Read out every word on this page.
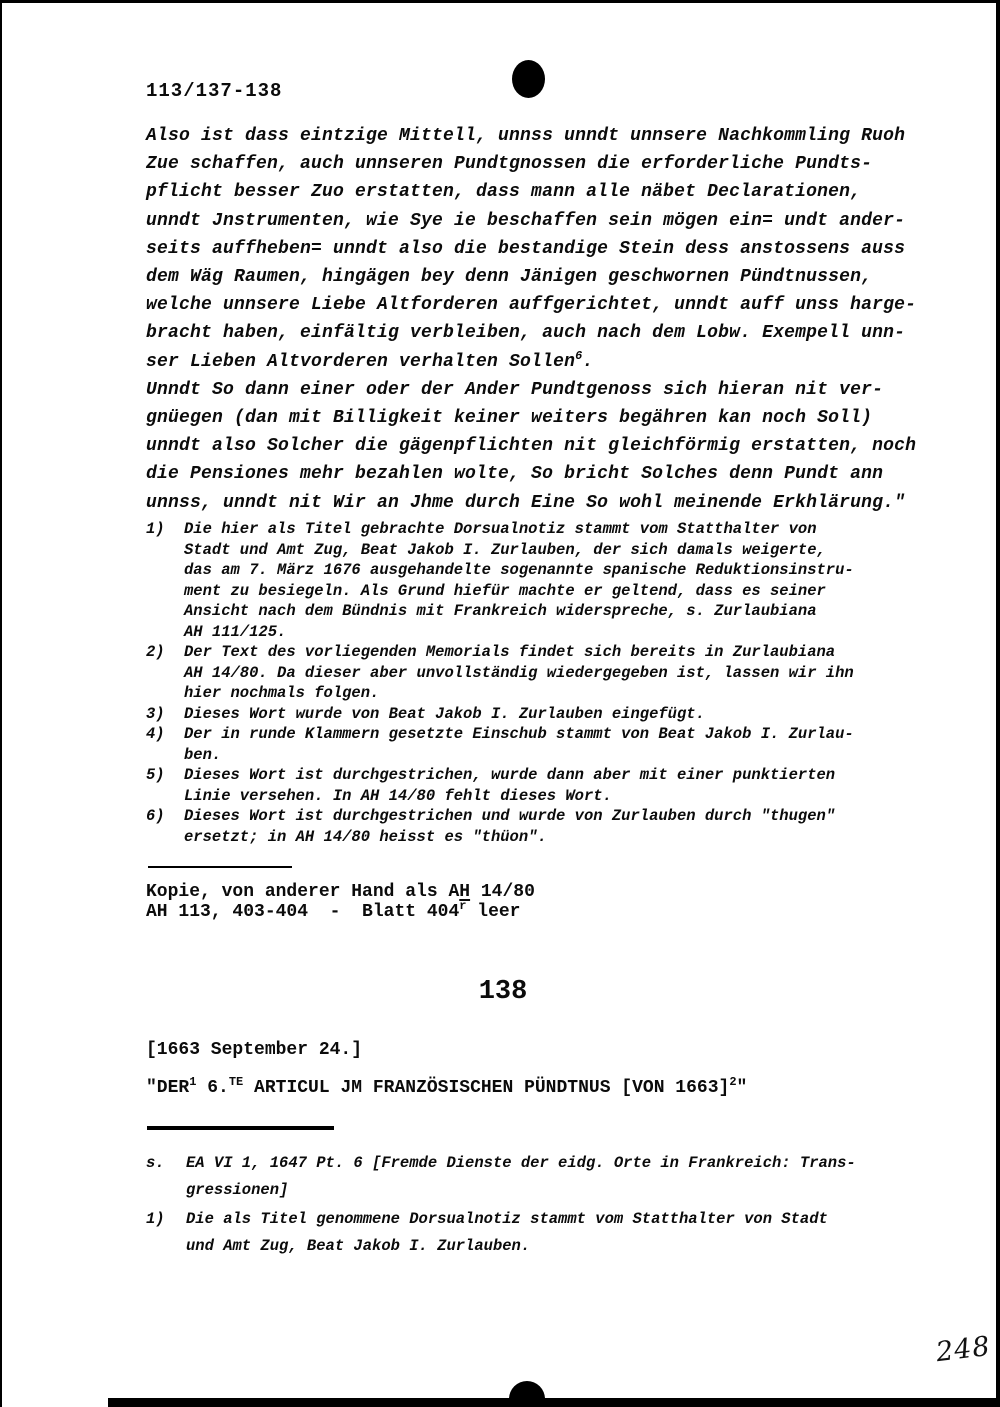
113/137-138
Also ist dass eintzige Mittell, unnss unndt unnsere Nachkommling Ruoh
Zue schaffen, auch unnseren Pundtgnossen die erforderliche Pundts-
pflicht besser Zuo erstatten, dass mann alle näbet Declarationen,
unndt Jnstrumenten, wie Sye ie beschaffen sein mögen ein= undt ander-
seits auffheben= unndt also die bestandige Stein dess anstossens auss
dem Wäg Raumen, hingägen bey denn Jänigen geschwornen Pündtnussen,
welche unnsere Liebe Altforderen auffgerichtet, unndt auff unss harge-
bracht haben, einfältig verbleiben, auch nach dem Lobw. Exempell unn-
ser Lieben Altvorderen verhalten Sollen$^6$.
Unndt So dann einer oder der Ander Pundtgenoss sich hieran nit ver-
gnüegen (dan mit Billigkeit keiner weiters begähren kan noch Soll)
unndt also Solcher die gägenpflichten nit gleichförmig erstatten, noch
die Pensiones mehr bezahlen wolte, So bricht Solches denn Pundt ann
unnss, unndt nit Wir an Jhme durch Eine So wohl meinende Erkhlärung."
1)	Die hier als Titel gebrachte Dorsualnotiz stammt vom Statthalter von
Stadt und Amt Zug, Beat Jakob I. Zurlauben, der sich damals weigerte,
das am 7. März 1676 ausgehandelte sogenannte spanische Reduktionsinstru-
ment zu besiegeln. Als Grund hiefür machte er geltend, dass es seiner
Ansicht nach dem Bündnis mit Frankreich widerspreche, s. Zurlaubiana
AH 111/125.
2)	Der Text des vorliegenden Memorials findet sich bereits in Zurlaubiana
AH 14/80. Da dieser aber unvollständig wiedergegeben ist, lassen wir ihn
hier nochmals folgen.
3)	Dieses Wort wurde von Beat Jakob I. Zurlauben eingefügt.
4)	Der in runde Klammern gesetzte Einschub stammt von Beat Jakob I. Zurlau-
ben.
5)	Dieses Wort ist durchgestrichen, wurde dann aber mit einer punktierten
Linie versehen. In AH 14/80 fehlt dieses Wort.
6)	Dieses Wort ist durchgestrichen und wurde von Zurlauben durch "thugen"
ersetzt; in AH 14/80 heisst es "thüon".
Kopie, von anderer Hand als AH 14/80
AH 113, 403-404  -  Blatt 404$^r$ leer
138
[1663 September 24.]
"DER$^1$ 6.$^{TE}$ ARTICUL JM FRANZÖSISCHEN PÜNDTNUS [VON 1663]$^2$"
s.	EA VI 1, 1647 Pt. 6 [Fremde Dienste der eidg. Orte in Frankreich: Trans-
gressionen]
1)	Die als Titel genommene Dorsualnotiz stammt vom Statthalter von Stadt
und Amt Zug, Beat Jakob I. Zurlauben.
248
